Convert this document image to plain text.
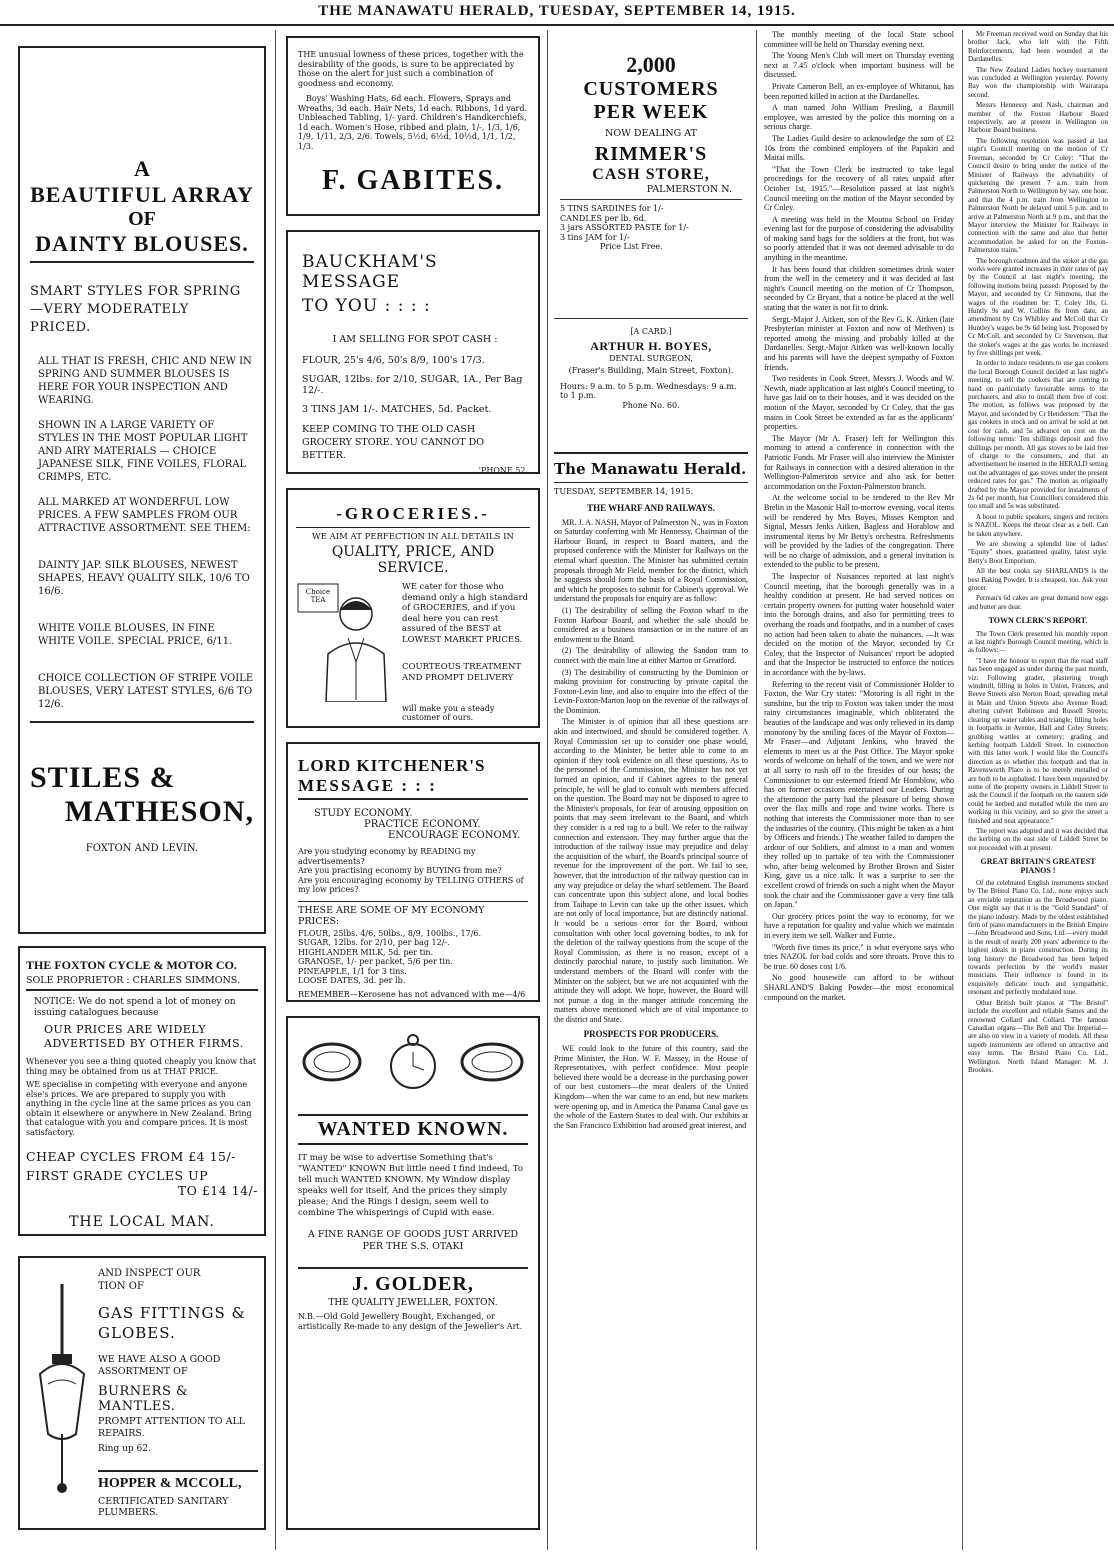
THE MANAWATU HERALD, TUESDAY, SEPTEMBER 14, 1915.
A
BEAUTIFUL ARRAY
OF
DAINTY BLOUSES.
SMART STYLES FOR SPRING—VERY MODERATELY PRICED.
ALL THAT IS FRESH, CHIC AND NEW IN SPRING AND SUMMER BLOUSES IS HERE FOR YOUR INSPECTION AND WEARING.
SHOWN IN A LARGE VARIETY OF STYLES IN THE MOST POPULAR LIGHT AND AIRY MATERIALS — CHOICE JAPANESE SILK, FINE VOILES, FLORAL CRIMPS, ETC.
ALL MARKED AT WONDERFUL LOW PRICES. A FEW SAMPLES FROM OUR ATTRACTIVE ASSORTMENT. SEE THEM:
DAINTY JAP. SILK BLOUSES, NEWEST SHAPES, HEAVY QUALITY SILK, 10/6 TO 16/6.
WHITE VOILE BLOUSES, IN FINE WHITE VOILE. SPECIAL PRICE, 6/11.
CHOICE COLLECTION OF STRIPE VOILE BLOUSES, VERY LATEST STYLES, 6/6 TO 12/6.
STILES &
MATHESON,
FOXTON AND LEVIN.
THE FOXTON CYCLE & MOTOR CO.
SOLE PROPRIETOR : CHARLES SIMMONS.
NOTICE: We do not spend a lot of money on issuing catalogues because
OUR PRICES ARE WIDELY ADVERTISED BY OTHER FIRMS.
Whenever you see a thing quoted cheaply you know that thing may be obtained from us at THAT PRICE.
WE specialise in competing with everyone and anyone else's prices. We are prepared to supply you with anything in the cycle line at the same prices as you can obtain it elsewhere or anywhere in New Zealand. Bring that catalogue with you and compare prices. It is most satisfactory.
CHEAP CYCLES FROM £4 15/-
FIRST GRADE CYCLES UP
TO £14 14/-
THE LOCAL MAN.
AND INSPECT OUR
TION OF
GAS FITTINGS &
GLOBES.
WE HAVE ALSO A GOOD ASSORTMENT OF
BURNERS & MANTLES.
PROMPT ATTENTION TO ALL REPAIRS.
Ring up 62.
HOPPER & MCCOLL,
CERTIFICATED SANITARY PLUMBERS.
THE unusual lowness of these prices, together with the desirability of the goods, is sure to be appreciated by those on the alert for just such a combination of goodness and economy.
Boys' Washing Hats, 6d each. Flowers, Sprays and Wreaths, 3d each. Hair Nets, 1d each. Ribbons, 1d yard. Unbleached Tabling, 1/- yard. Children's Handkerchiefs, 1d each. Women's Hose, ribbed and plain, 1/-, 1/3, 1/6, 1/9, 1/11, 2/3, 2/6. Towels, 5½d, 6½d, 10½d, 1/1, 1/2, 1/3.
F. GABITES.
BAUCKHAM'S MESSAGE
TO YOU : : : :
I AM SELLING FOR SPOT CASH :
FLOUR, 25's 4/6, 50's 8/9, 100's 17/3.
SUGAR, 12lbs. for 2/10, SUGAR, 1A., Per Bag 12/-.
3 TINS JAM 1/-. MATCHES, 5d. Packet.
KEEP COMING TO THE OLD CASH GROCERY STORE. YOU CANNOT DO BETTER.
'PHONE 52.
-GROCERIES.-
WE AIM AT PERFECTION IN ALL DETAILS IN
QUALITY, PRICE, AND SERVICE.
Choice TEA
WE cater for those who demand only a high standard of GROCERIES, and if you deal here you can rest assured of the BEST at LOWEST MARKET PRICES.
COURTEOUS TREATMENT AND PROMPT DELIVERY
will make you a steady customer of ours.
LORD KITCHENER'S
MESSAGE : : :
STUDY ECONOMY.
PRACTICE ECONOMY.
ENCOURAGE ECONOMY.
Are you studying economy by READING my advertisements?
Are you practising economy by BUYING from me?
Are you encouraging economy by TELLING OTHERS of my low prices?
THESE ARE SOME OF MY ECONOMY PRICES:
FLOUR, 25lbs. 4/6, 50lbs., 8/9, 100lbs., 17/6.
SUGAR, 12lbs. for 2/10, per bag 12/-.
HIGHLANDER MILK, 5d. per tin.
GRANOSE, 1/- per packet, 5/6 per tin.
PINEAPPLE, 1/1 for 3 tins.
LOOSE DATES, 3d. per lb.
REMEMBER—Kerosene has not advanced with me—4/6
WANTED KNOWN.
IT may be wise to advertise Something that's "WANTED" KNOWN But little need I find indeed, To tell much WANTED KNOWN. My Window display speaks well for itself, And the prices they simply please; And the Rings I design, seem well to combine The whisperings of Cupid with ease.
A FINE RANGE OF GOODS JUST ARRIVED PER THE S.S. OTAKI
J. GOLDER,
THE QUALITY JEWELLER, FOXTON.
N.B.—Old Gold Jewellery Bought, Exchanged, or artistically Re-made to any design of the Jeweller's Art.
2,000
CUSTOMERS
PER WEEK
NOW DEALING AT
RIMMER'S
CASH STORE,
PALMERSTON N.
5 TINS SARDINES for 1/-
CANDLES per lb. 6d.
3 jars ASSORTED PASTE for 1/-
3 tins JAM for 1/-
Price List Free.
[A CARD.]
ARTHUR H. BOYES,
DENTAL SURGEON,
(Fraser's Building, Main Street, Foxton).
Hours: 9 a.m. to 5 p.m. Wednesdays: 9 a.m. to 1 p.m.
Phone No. 60.
The Manawatu Herald.
TUESDAY, SEPTEMBER 14, 1915.

THE WHARF AND RAILWAYS.

MR. J. A. NASH, Mayor of Palmerston N., was in Foxton on Saturday conferring with Mr Hennessy, Chairman of the Harbour Board, in respect to Board matters, and the proposed conference with the Minister for Railways on the eternal wharf question. The Minister has submitted certain proposals through Mr Field, member for the district, which he suggests should form the basis of a Royal Commission, and which he proposes to submit for Cabinet's approval. We understand the proposals for enquiry are as follow:

(1) The desirability of selling the Foxton wharf to the Foxton Harbour Board, and whether the sale should be considered as a business transaction or in the nature of an endowment to the Board.

(2) The desirability of allowing the Sandon tram to connect with the main line at either Marton or Greatford.

(3) The desirability of constructing by the Dominion or making provision for constructing by private capital the Foxton-Levin line, and also to enquire into the effect of the Levin-Foxton-Marton loop on the revenue of the railways of the Dominion.

The Minister is of opinion that all these questions are akin and intertwined, and should be considered together. A Royal Commission set up to consider one phase would, according to the Minister, be better able to come to an opinion if they took evidence on all these questions. As to the personnel of the Commission, the Minister has not yet formed an opinion, and if Cabinet agrees to the general principle, he will be glad to consult with members affected on the question. The Board may not be disposed to agree to the Minister's proposals, for fear of arousing opposition on points that may seem irrelevant to the Board, and which they consider is a red rag to a bull. We refer to the railway connection and extension. They may further argue that the introduction of the railway issue may prejudice and delay the acquisition of the wharf, the Board's principal source of revenue for the improvement of the port. We fail to see, however, that the introduction of the railway question can in any way prejudice or delay the wharf settlement. The Board can concentrate upon this subject alone, and local bodies from Taihape to Levin can take up the other issues, which are not only of local importance, but are distinctly national. It would be a serious error for the Board, without consultation with other local governing bodies, to ask for the deletion of the railway questions from the scope of the Royal Commission, as there is no reason, except of a distinctly parochial nature, to justify such limitation. We understand members of the Board will confer with the Minister on the subject, but we are not acquainted with the attitude they will adopt. We hope, however, the Board will not pursue a dog in the manger attitude concerning the matters above mentioned which are of vital importance to the district and State.

PROSPECTS FOR PRODUCERS.

WE could look to the future of this country, said the Prime Minister, the Hon. W. F. Massey, in the House of Representatives, with perfect confidence. Most people believed there would be a decrease in the purchasing power of our best customers—the meat dealers of the United Kingdom—when the war came to an end, but new markets were opening up, and in America the Panama Canal gave us the whole of the Eastern States to deal with. Our exhibits at the San Francisco Exhibition had aroused great interest, and

The monthly meeting of the local State school committee will be held on Thursday evening next.

The Young Men's Club will meet on Thursday evening next at 7.45 o'clock when important business will be discussed.

Private Cameron Bell, an ex-employee of Whitanui, has been reported killed in action at the Dardanelles.

A man named John William Presling, a flaxmill employee, was arrested by the police this morning on a serious charge.

The Ladies Guild desire to acknowledge the sum of £2 10s from the combined employers of the Papakiri and Maitai mills.

"That the Town Clerk be instructed to take legal proceedings for the recovery of all rates unpaid after October 1st, 1915."—Resolution passed at last night's Council meeting on the motion of the Mayor seconded by Cr Coley.

A meeting was held in the Moutoa School on Friday evening last for the purpose of considering the advisability of making sand bags for the soldiers at the front, but was so poorly attended that it was not deemed advisable to do anything in the meantime.

It has been found that children sometimes drink water from the well in the cemetery and it was decided at last night's Council meeting on the motion of Cr Thompson, seconded by Cr Bryant, that a notice be placed at the well stating that the water is not fit to drink.

Sergt.-Major J. Aitken, son of the Rev G. K. Aitken (late Presbyterian minister at Foxton and now of Methven) is reported among the missing and probably killed at the Dardanelles. Sergt.-Major Aitken was well-known locally and his parents will have the deepest sympathy of Foxton friends.

Two residents in Cook Street, Messrs J. Woods and W. Newth, made application at last night's Council meeting, to have gas laid on to their houses, and it was decided on the motion of the Mayor, seconded by Cr Coley, that the gas mains in Cook Street be extended as far as the applicants' properties.

The Mayor (Mr A. Fraser) left for Wellington this morning to attend a conference in connection with the Patriotic Funds. Mr Fraser will also interview the Minister for Railways in connection with a desired alteration in the Wellington-Palmerston service and also ask for better accommodation on the Foxton-Palmerston branch.

At the welcome social to be tendered to the Rev Mr Brelin in the Masonic Hall to-morrow evening, vocal items will be rendered by Mrs Boyes, Misses Kempton and Signal, Messrs Jenks Aitken, Bagless and Horablow and instrumental items by Mr Betty's orchestra. Refreshments will be provided by the ladies of the congregation. There will be no charge of admission, and a general invitation is extended to the public to be present.

The Inspector of Nuisances reported at last night's Council meeting, that the borough generally was in a healthy condition at present. He had served notices on certain property owners for putting water household water into the borough drains, and also for permitting trees to overhang the roads and footpaths, and in a number of cases no action had been taken to abate the nuisances. —It was decided on the motion of the Mayor, seconded by Cr Coley, that the Inspector of Nuisances' report be adopted and that the Inspector be instructed to enforce the notices in accordance with the by-laws.

Referring to the recent visit of Commissioner Holder to Foxton, the War Cry states: "Motoring is all right in the sunshine, but the trip to Foxton was taken under the most rainy circumstances imaginable, which obliterated the beauties of the landscape and was only relieved in its damp monotony by the smiling faces of the Mayor of Foxton—Mr Fraser—and Adjutant Jenkins, who braved the elements to meet us at the Post Office. The Mayor spoke words of welcome on behalf of the town, and we were not at all sorry to rush off to the firesides of our hosts; the Commissioner to our esteemed friend Mr Hornblow, who has on former occasions entertained our Leaders. During the afternoon the party had the pleasure of being shown over the flax mills and rope and twine works. There is nothing that interests the Commissioner more than to see the industries of the country. (This might be taken as a hint by Officers and friends.) The weather failed to dampen the ardour of our Soldiers, and almost to a man and women they rolled up to partake of tea with the Commissioner who, after being welcomed by Brother Brown and Sister King, gave us a nice talk. It was a surprise to see the excellent crowd of friends on such a night when the Mayor took the chair and the Commissioner gave a very fine talk on Japan."

Our grocery prices point the way to economy, for we have a reputation for quality and value which we maintain in every item we sell. Walker and Furrie.

"Worth five times its price," is what everyone says who tries NAZOL for bad colds and sore throats. Prove this to be true. 60 doses cost 1/6.

No good housewife can afford to be without SHARLAND'S Baking Powder—the most economical compound on the market.

Mr Freeman received word on Sunday that his brother Jack, who left with the Fifth Reinforcements, had been wounded at the Dardanelles.

The New Zealand Ladies hockey tournament was concluded at Wellington yesterday. Poverty Bay won the championship with Wairarapa second.

Messrs Hennessy and Nash, chairman and member of the Foxton Harbour Board respectively, are at present in Wellington on Harbour Board business.

The following resolution was passed at last night's Council meeting on the motion of Cr Freeman, seconded by Cr Coley: "That the Council desire to bring under the notice of the Minister of Railways the advisability of quickening the present 7 a.m. train from Palmerston North to Wellington by say, one hour, and that the 4 p.m. train from Wellington to Palmerston North be delayed until 5 p.m. and to arrive at Palmerston North at 9 p.m., and that the Mayor interview the Minister for Railways in connection with the same and also that better accommodation be asked for on the Foxton-Palmerston trains."

The borough roadmen and the stoker at the gas works were granted increases in their rates of pay by the Council at last night's meeting, the following motions being passed: Proposed by the Mayor, and seconded by Cr Simmons, that the wages of the roadmen be: T. Coley 10s, G. Huntly 9s and W. Collins 8s from date, an amendment by Crs Whibley and McColl that Cr Huntley's wages be 9s 6d being lost. Proposed by Cr McColl, and seconded by Cr Stevenson, that the stoker's wages at the gas works be increased by five shillings per week.

In order to induce residents to use gas cookers the local Borough Council decided at last night's meeting, to sell the cookers that are coming to hand on particularly favourable terms to the purchasers, and also to install them free of cost. The motion, as follows was proposed by the Mayor, and seconded by Cr Henderson: "That the gas cookers in stock and on arrival be sold at net cost for cash, and 5s advance on cost on the following terms: Ten shillings deposit and five shillings per month. All gas stoves to be laid free of charge to the consumers, and that an advertisement be inserted in the HERALD setting out the advantages of gas stoves under the present reduced rates for gas." The motion as originally drafted by the Mayor provided for instalments of 2s 6d per month, but Councillors considered this too small and 5s was substituted.

A boon to public speakers, singers and reciters is NAZOL. Keeps the throat clear as a bell. Can be taken anywhere.

We are showing a splendid line of ladies' "Equity" shoes, guaranteed quality, latest style. Betty's Boot Emporium.

All the best cooks say SHARLAND'S is the best Baking Powder. It is cheapest, too. Ask your grocer.

Perreau's 6d cakes are great demand now eggs and butter are dear.

TOWN CLERK'S REPORT.

The Town Clerk presented his monthly report at last night's Borough Council meeting, which is as follows:—

"I have the honour to report that the road staff has been engaged as under during the past month, viz: Following grader, plastering trough windmill, filling in holes in Union, Frances, and Reeve Streets also Norton Road; spreading metal in Main and Union Streets also Avenue Road; altering culvert Robinson and Russell Streets; clearing up water tables and triangle; filling holes in footpaths in Avenue, Hall and Coley Streets; grubbing wattles at cemetery; grading and kerbing footpath Liddell Street. In connection with this latter work I would like the Council's direction as to whether this footpath and that in Ravensworth Place is to be merely metalled or are both to be asphalted. I have been requested by some of the property owners in Liddell Street to ask the Council if the footpath on the eastern side could be kerbed and metalled while the men are working in this vicinity, and so give the street a finished and neat appearance."

The report was adopted and it was decided that the kerbing on the east side of Liddell Street be not proceeded with at present.

GREAT BRITAIN'S GREATEST PIANOS !

Of the celebrated English instruments stocked by The Bristol Piano Co. Ltd., none enjoys such an enviable reputation as the Broadwood piano. One might say that it is the "Gold Standard" of the piano industry. Made by the oldest established firm of piano manufacturers in the British Empire—John Broadwood and Sons, Ltd.—every model is the result of nearly 200 years' adherence to the highest ideals in piano construction. During its long history the Broadwood has been helped towards perfection by the world's master musicians. Their influence is found in its exquisitely delicate touch and sympathetic, resonant and perfectly modulated tone.

Other British built pianos at "The Bristol" include the excellent and reliable Sames and the renowned Collard and Collard. The famous Canadian organs—The Bell and The Imperial—are also on view in a variety of models. All these superb instruments are offered on attractive and easy terms. The Bristol Piano Co. Ltd., Wellington. North Island Manager: M. J. Brookes.
